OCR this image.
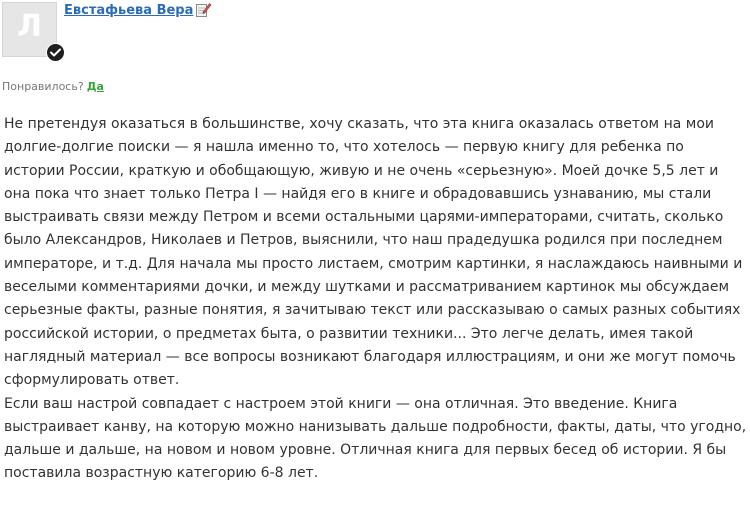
Л	Евстафьева Вера
Понравилось? Да

Не претендуя оказаться в большинстве, хочу сказать, что эта книга оказалась ответом на мои долгие-долгие поиски — я нашла именно то, что хотелось — первую книгу для ребенка по истории России, краткую и обобщающую, живую и не очень «серьезную». Моей дочке 5,5 лет и она пока что знает только Петра I — найдя его в книге и обрадовавшись узнаванию, мы стали выстраивать связи между Петром и всеми остальными царями-императорами, считать, сколько было Александров, Николаев и Петров, выяснили, что наш прадедушка родился при последнем императоре, и т.д. Для начала мы просто листаем, смотрим картинки, я наслаждаюсь наивными и веселыми комментариями дочки, и между шутками и рассматриванием картинок мы обсуждаем серьезные факты, разные понятия, я зачитываю текст или рассказываю о самых разных событиях российской истории, о предметах быта, о развитии техники... Это легче делать, имея такой наглядный материал — все вопросы возникают благодаря иллюстрациям, и они же могут помочь сформулировать ответ.

Если ваш настрой совпадает с настроем этой книги — она отличная. Это введение. Книга выстраивает канву, на которую можно нанизывать дальше подробности, факты, даты, что угодно, дальше и дальше, на новом и новом уровне. Отличная книга для первых бесед об истории. Я бы поставила возрастную категорию 6-8 лет.
